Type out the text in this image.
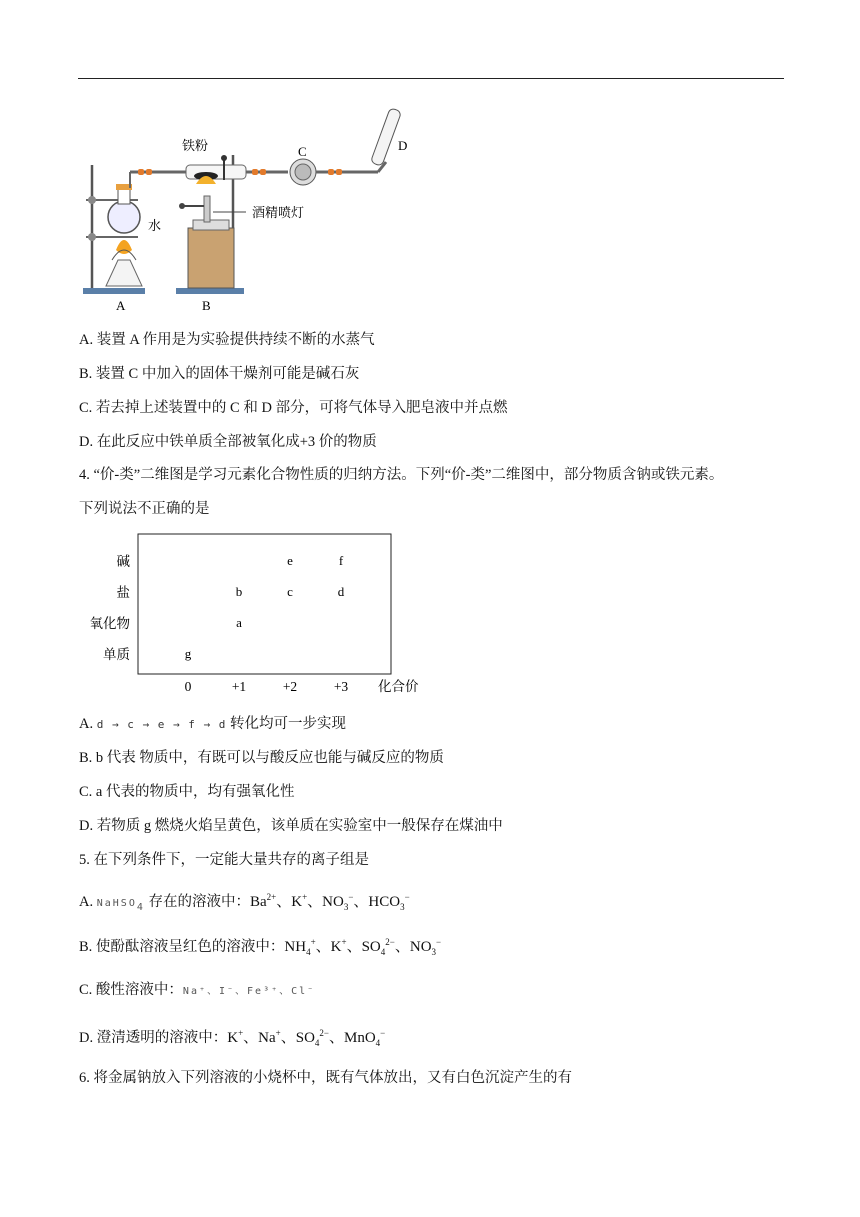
铁粉
水
酒精喷灯
A	B
C	D
A. 装置 A 作用是为实验提供持续不断的水蒸气
B. 装置 C 中加入的固体干燥剂可能是碱石灰
C. 若去掉上述装置中的 C 和 D 部分，可将气体导入肥皂液中并点燃
D. 在此反应中铁单质全部被氧化成+3 价的物质
4. “价-类”二维图是学习元素化合物性质的归纳方法。下列“价-类”二维图中，部分物质含钠或铁元素。
下列说法不正确的是
单质
氧化物
盐
碱
0	+1	+2	+3
g
a
b	c
e
d
f
化合价
A. d → c → e → f → d 转化均可一步实现
B. b 代表 物质中，有既可以与酸反应也能与碱反应的物质
C. a 代表的物质中，均有强氧化性
D. 若物质 g 燃烧火焰呈黄色，该单质在实验室中一般保存在煤油中
5. 在下列条件下，一定能大量共存的离子组是
A. NaHSO$_4$ 存在的溶液中：$Ba^{2+}$、K+、$NO_3^-$、$HCO_3^-$
B. 使酚酞溶液呈红色的溶液中：$NH_4^+$、K+、$SO_4^{2-}$、$NO_3^-$
C. 酸性溶液中：Na⁺、I⁻、Fe³⁺、Cl⁻
D. 澄清透明的溶液中：K+、Na+、$SO_4^{2-}$、MnO$_4$−
6. 将金属钠放入下列溶液的小烧杯中，既有气体放出，又有白色沉淀产生的有
